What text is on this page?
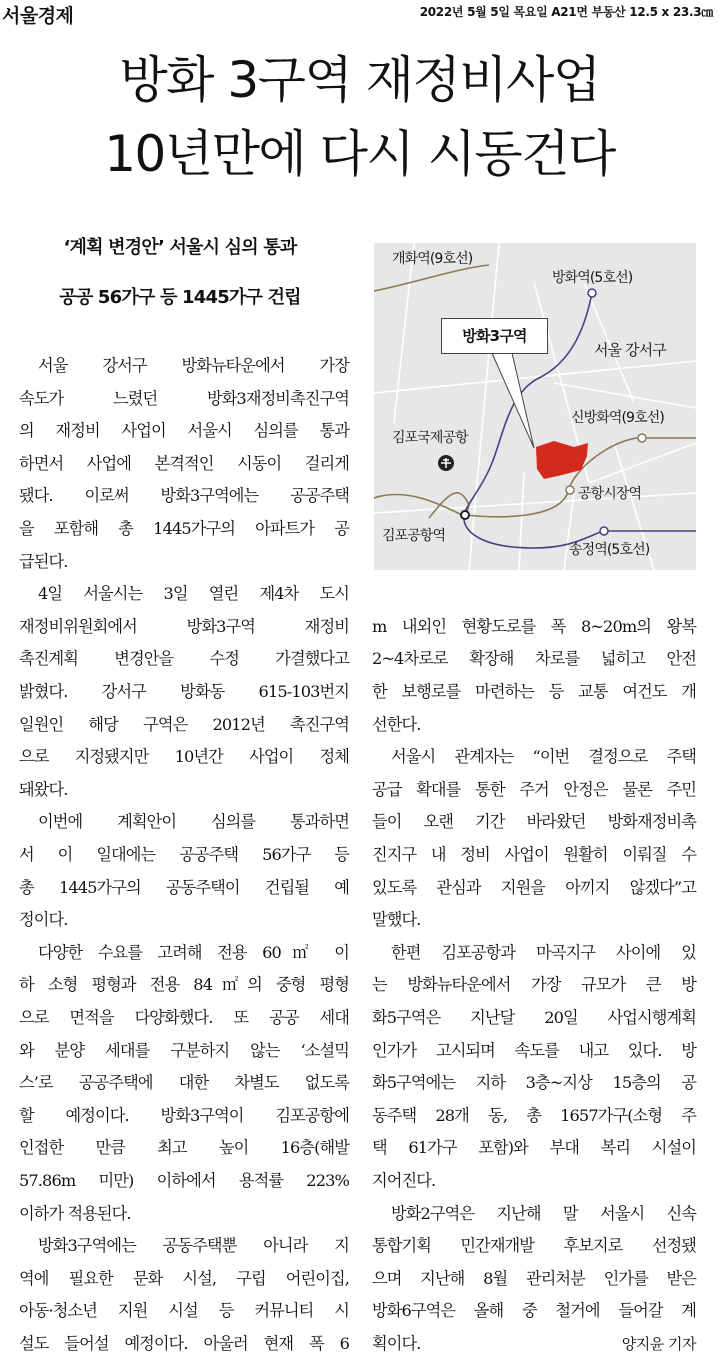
서울경제	2022년 5월 5일 목요일 A21면 부동산 12.5 x 23.3㎝
방화 3구역 재정비사업
10년만에 다시 시동건다
‘계획 변경안’ 서울시 심의 통과
공공 56가구 등 1445가구 건립
개화역(9호선)
방화역(5호선)
방화3구역
서울 강서구
신방화역(9호선)
김포국제공항
공항시장역
김포공항역
송정역(5호선)
서울 강서구 방화뉴타운에서 가장
속도가 느렸던 방화3재정비촉진구역
의 재정비 사업이 서울시 심의를 통과
하면서 사업에 본격적인 시동이 걸리게
됐다. 이로써 방화3구역에는 공공주택
을 포함해 총 1445가구의 아파트가 공
급된다.
4일 서울시는 3일 열린 제4차 도시
재정비위원회에서 방화3구역 재정비
촉진계획 변경안을 수정 가결했다고
밝혔다. 강서구 방화동 615-103번지
일원인 해당 구역은 2012년 촉진구역
으로 지정됐지만 10년간 사업이 정체
돼왔다.
이번에 계획안이 심의를 통과하면
서 이 일대에는 공공주택 56가구 등
총 1445가구의 공동주택이 건립될 예
정이다.
다양한 수요를 고려해 전용 60㎡ 이
하 소형 평형과 전용 84㎡의 중형 평형
으로 면적을 다양화했다. 또 공공 세대
와 분양 세대를 구분하지 않는 ‘소셜믹
스’로 공공주택에 대한 차별도 없도록
할 예정이다. 방화3구역이 김포공항에
인접한 만큼 최고 높이 16층(해발
57.86m 미만) 이하에서 용적률 223%
이하가 적용된다.
방화3구역에는 공동주택뿐 아니라 지
역에 필요한 문화 시설, 구립 어린이집,
아동·청소년 지원 시설 등 커뮤니티 시
설도 들어설 예정이다. 아울러 현재 폭 6
m 내외인 현황도로를 폭 8~20m의 왕복
2~4차로로 확장해 차로를 넓히고 안전
한 보행로를 마련하는 등 교통 여건도 개
선한다.
서울시 관계자는 “이번 결정으로 주택
공급 확대를 통한 주거 안정은 물론 주민
들이 오랜 기간 바라왔던 방화재정비촉
진지구 내 정비 사업이 원활히 이뤄질 수
있도록 관심과 지원을 아끼지 않겠다”고
말했다.
한편 김포공항과 마곡지구 사이에 있
는 방화뉴타운에서 가장 규모가 큰 방
화5구역은 지난달 20일 사업시행계획
인가가 고시되며 속도를 내고 있다. 방
화5구역에는 지하 3층~지상 15층의 공
동주택 28개 동, 총 1657가구(소형 주
택 61가구 포함)와 부대 복리 시설이
지어진다.
방화2구역은 지난해 말 서울시 신속
통합기획 민간재개발 후보지로 선정됐
으며 지난해 8월 관리처분 인가를 받은
방화6구역은 올해 중 철거에 들어갈 계
획이다.	양지윤 기자
